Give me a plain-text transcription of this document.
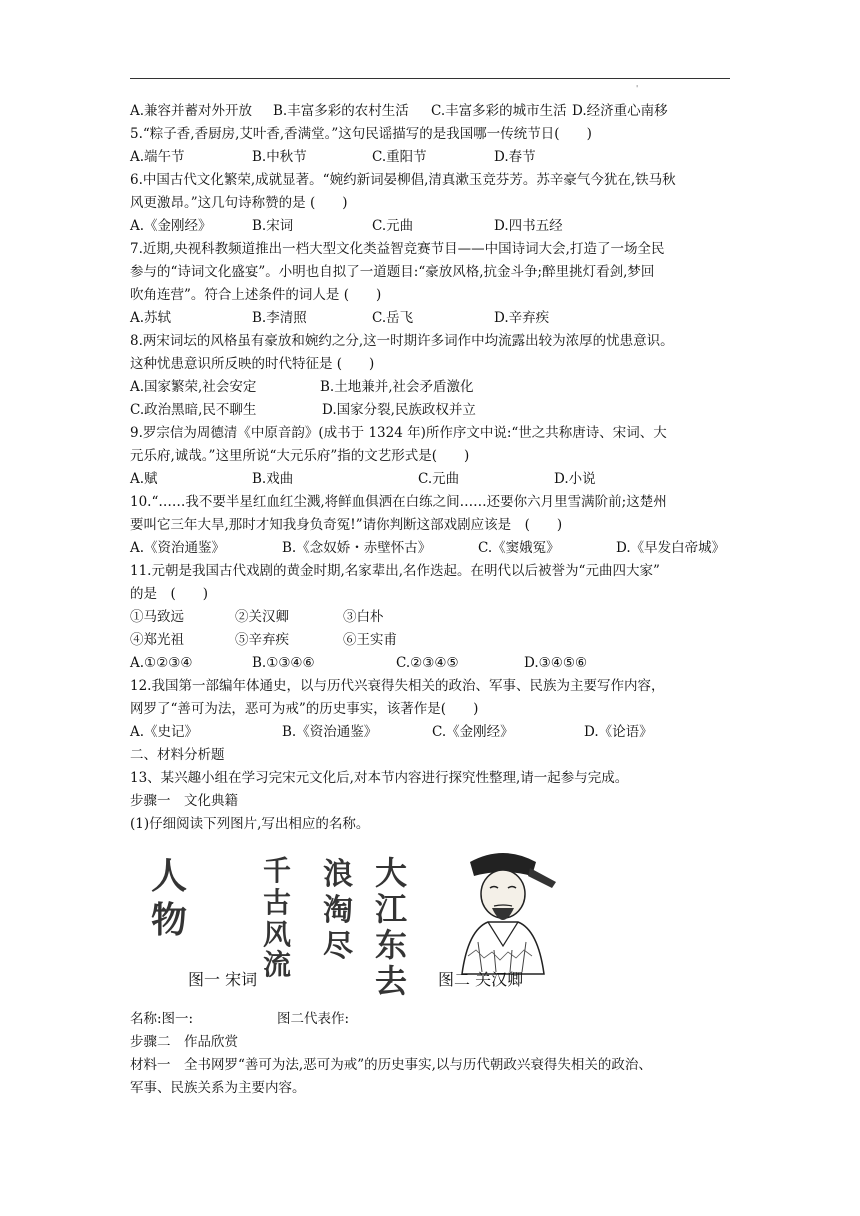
'
A.兼容并蓄对外开放	B.丰富多彩的农村生活	C.丰富多彩的城市生活 D.经济重心南移
5.“粽子香,香厨房,艾叶香,香满堂。”这句民谣描写的是我国哪一传统节日(　　)
A.端午节	B.中秋节	C.重阳节	D.春节
6.中国古代文化繁荣,成就显著。“婉约新词晏柳倡,清真漱玉竞芬芳。苏辛豪气今犹在,铁马秋
风更激昂。”这几句诗称赞的是 (　　)
A.《金刚经》	B.宋词	C.元曲	D.四书五经
7.近期,央视科教频道推出一档大型文化类益智竞赛节目——中国诗词大会,打造了一场全民
参与的“诗词文化盛宴”。小明也自拟了一道题目:“豪放风格,抗金斗争;醉里挑灯看剑,梦回
吹角连营”。符合上述条件的词人是 (　　)
A.苏轼	B.李清照	C.岳飞	D.辛弃疾
8.两宋词坛的风格虽有豪放和婉约之分,这一时期许多词作中均流露出较为浓厚的忧患意识。
这种忧患意识所反映的时代特征是 (　　)
A.国家繁荣,社会安定	B.土地兼并,社会矛盾激化
C.政治黑暗,民不聊生	D.国家分裂,民族政权并立
9.罗宗信为周德清《中原音韵》(成书于 1324 年)所作序文中说:“世之共称唐诗、宋词、大
元乐府,诚哉。”这里所说“大元乐府”指的文艺形式是(　　)
A.赋	B.戏曲	C.元曲	D.小说
10.“……我不要半星红血红尘溅,将鲜血俱洒在白练之间……还要你六月里雪满阶前;这楚州
要叫它三年大旱,那时才知我身负奇冤!”请你判断这部戏剧应该是　(　　)
A.《资治通鉴》	B.《念奴娇・赤壁怀古》	C.《窦娥冤》	D.《早发白帝城》
11.元朝是我国古代戏剧的黄金时期,名家辈出,名作迭起。在明代以后被誉为“元曲四大家”
的是　(　　)
①马致远	②关汉卿	③白朴
④郑光祖	⑤辛弃疾	⑥王实甫
A.①②③④	B.①③④⑥	C.②③④⑤	D.③④⑤⑥
12.我国第一部编年体通史，以与历代兴衰得失相关的政治、军事、民族为主要写作内容，
网罗了“善可为法，恶可为戒”的历史事实，该著作是(　　)
A.《史记》	B.《资治通鉴》	C.《金刚经》	D.《论语》
二、材料分析题
13、某兴趣小组在学习完宋元文化后,对本节内容进行探究性整理,请一起参与完成。
步骤一　文化典籍
(1)仔细阅读下列图片,写出相应的名称。
大 江 东 去
浪 淘 尽
千 古 风 流
人 物
图一 宋词	图二 关汉卿
名称:图一:	图二代表作:
步骤二　作品欣赏
材料一　全书网罗“善可为法,恶可为戒”的历史事实,以与历代朝政兴衰得失相关的政治、
军事、民族关系为主要内容。
